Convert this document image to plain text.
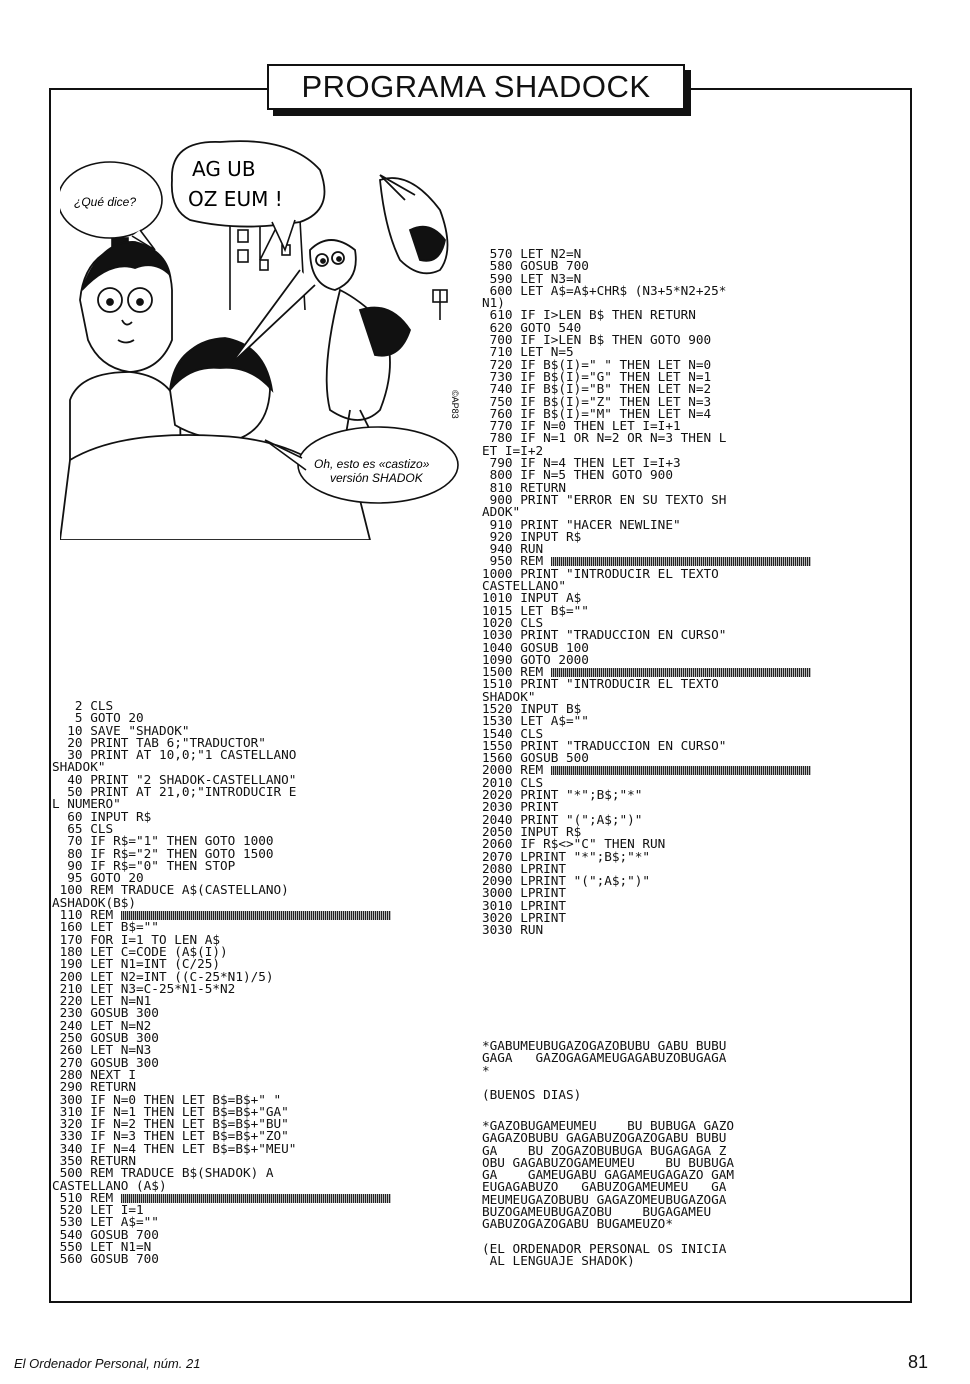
PROGRAMA SHADOCK
¿Qué dice?
AG UB
OZ EUM !
Oh, esto es «castizo»
versión SHADOK
©AP83
2 CLS
5 GOTO 20
10 SAVE "SHADOK"
20 PRINT TAB 6;"TRADUCTOR"
30 PRINT AT 10,0;"1 CASTELLANO
SHADOK"
40 PRINT "2 SHADOK-CASTELLANO"
50 PRINT AT 21,0;"INTRODUCIR E
L NUMERO"
60 INPUT R$
65 CLS
70 IF R$="1" THEN GOTO 1000
80 IF R$="2" THEN GOTO 1500
90 IF R$="0" THEN STOP
95 GOTO 20
100 REM TRADUCE A$(CASTELLANO)
ASHADOK(B$)
110 REM
160 LET B$=""
170 FOR I=1 TO LEN A$
180 LET C=CODE (A$(I))
190 LET N1=INT (C/25)
200 LET N2=INT ((C-25*N1)/5)
210 LET N3=C-25*N1-5*N2
220 LET N=N1
230 GOSUB 300
240 LET N=N2
250 GOSUB 300
260 LET N=N3
270 GOSUB 300
280 NEXT I
290 RETURN
300 IF N=0 THEN LET B$=B$+" "
310 IF N=1 THEN LET B$=B$+"GA"
320 IF N=2 THEN LET B$=B$+"BU"
330 IF N=3 THEN LET B$=B$+"ZO"
340 IF N=4 THEN LET B$=B$+"MEU"
350 RETURN
500 REM TRADUCE B$(SHADOK) A
CASTELLANO (A$)
510 REM
520 LET I=1
530 LET A$=""
540 GOSUB 700
550 LET N1=N
560 GOSUB 700

570 LET N2=N
580 GOSUB 700
590 LET N3=N
600 LET A$=A$+CHR$ (N3+5*N2+25*
N1)
610 IF I>LEN B$ THEN RETURN
620 GOTO 540
700 IF I>LEN B$ THEN GOTO 900
710 LET N=5
720 IF B$(I)=" " THEN LET N=0
730 IF B$(I)="G" THEN LET N=1
740 IF B$(I)="B" THEN LET N=2
750 IF B$(I)="Z" THEN LET N=3
760 IF B$(I)="M" THEN LET N=4
770 IF N=0 THEN LET I=I+1
780 IF N=1 OR N=2 OR N=3 THEN L
ET I=I+2
790 IF N=4 THEN LET I=I+3
800 IF N=5 THEN GOTO 900
810 RETURN
900 PRINT "ERROR EN SU TEXTO SH
ADOK"
910 PRINT "HACER NEWLINE"
920 INPUT R$
940 RUN
950 REM
1000 PRINT "INTRODUCIR EL TEXTO
CASTELLANO"
1010 INPUT A$
1015 LET B$=""
1020 CLS
1030 PRINT "TRADUCCION EN CURSO"
1040 GOSUB 100
1090 GOTO 2000
1500 REM
1510 PRINT "INTRODUCIR EL TEXTO
SHADOK"
1520 INPUT B$
1530 LET A$=""
1540 CLS
1550 PRINT "TRADUCCION EN CURSO"
1560 GOSUB 500
2000 REM
2010 CLS
2020 PRINT "*";B$;"*"
2030 PRINT
2040 PRINT "(";A$;")"
2050 INPUT R$
2060 IF R$<>"C" THEN RUN
2070 LPRINT "*";B$;"*"
2080 LPRINT
2090 LPRINT "(";A$;")"
3000 LPRINT
3010 LPRINT
3020 LPRINT
3030 RUN

*GABUMEUBUGAZOGAZOBUBU GABU BUBU
GAGA   GAZOGAGAMEUGAGABUZOBUGAGA
*

(BUENOS DIAS)

*GAZOBUGAMEUMEU    BU BUBUGA GAZO
GAGAZOBUBU GAGABUZOGAZOGABU BUBU
GA    BU ZOGAZOBUBUGA BUGAGAGA Z
OBU GAGABUZOGAMEUMEU    BU BUBUGA
GA    GAMEUGABU GAGAMEUGAGAZO GAM
EUGAGABUZO   GABUZOGAMEUMEU   GA
MEUMEUGAZOBUBU GAGAZOMEUBUGAZOGA
BUZOGAMEUBUGAZOBU    BUGAGAMEU
GABUZOGAZOGABU BUGAMEUZO*

(EL ORDENADOR PERSONAL OS INICIA
AL LENGUAJE SHADOK)

El Ordenador Personal, núm. 21	81
